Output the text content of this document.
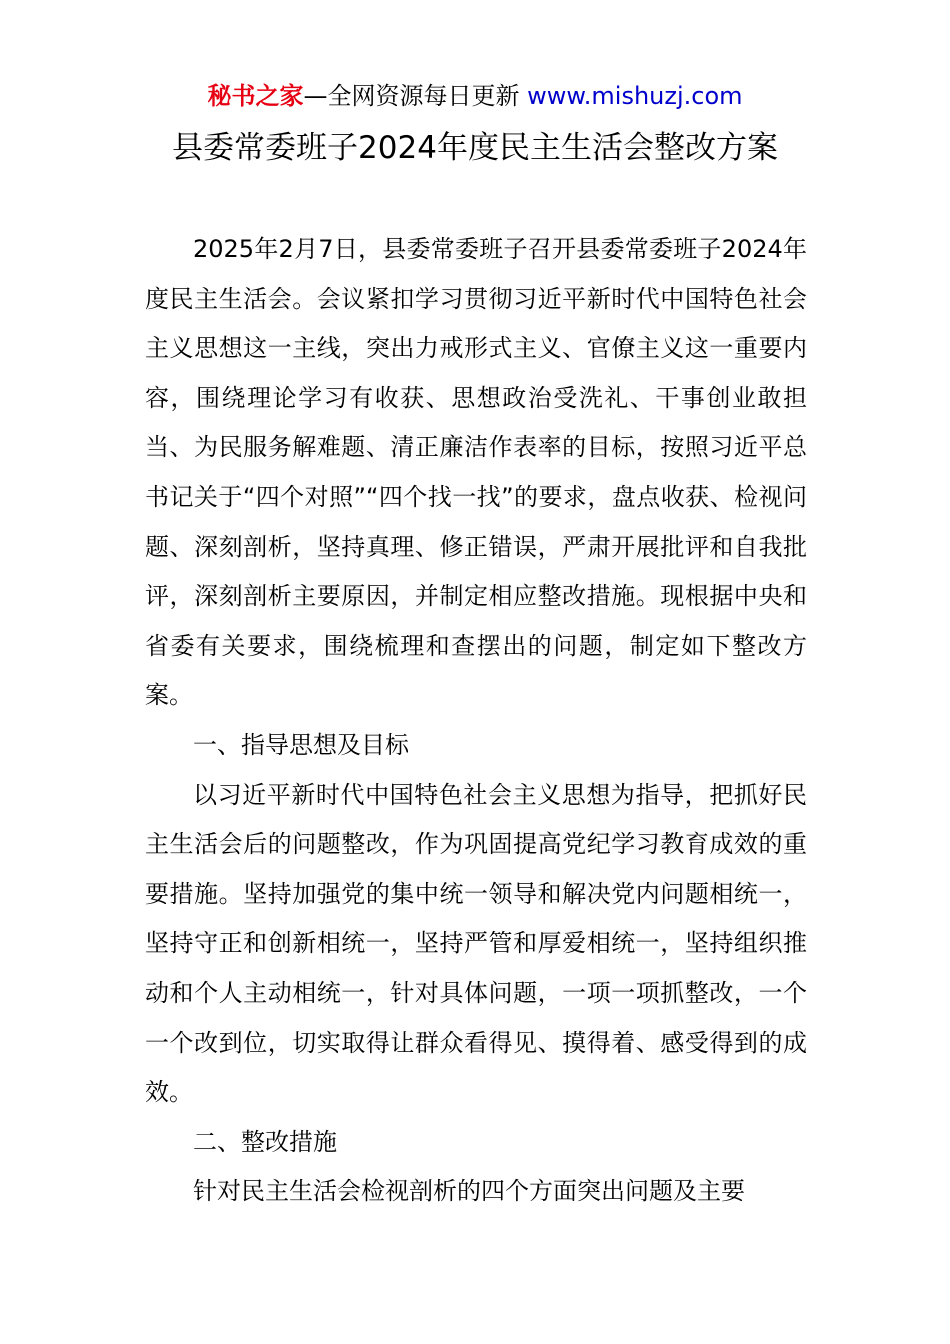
秘书之家—全网资源每日更新 www.mishuzj.com
县委常委班子2024年度民主生活会整改方案

2025年2月7日，县委常委班子召开县委常委班子2024年度民主生活会。会议紧扣学习贯彻习近平新时代中国特色社会主义思想这一主线，突出力戒形式主义、官僚主义这一重要内容，围绕理论学习有收获、思想政治受洗礼、干事创业敢担当、为民服务解难题、清正廉洁作表率的目标，按照习近平总书记关于“四个对照”“四个找一找”的要求，盘点收获、检视问题、深刻剖析，坚持真理、修正错误，严肃开展批评和自我批评，深刻剖析主要原因，并制定相应整改措施。现根据中央和省委有关要求，围绕梳理和查摆出的问题，制定如下整改方案。

一、指导思想及目标

以习近平新时代中国特色社会主义思想为指导，把抓好民主生活会后的问题整改，作为巩固提高党纪学习教育成效的重要措施。坚持加强党的集中统一领导和解决党内问题相统一，坚持守正和创新相统一，坚持严管和厚爱相统一，坚持组织推动和个人主动相统一，针对具体问题，一项一项抓整改，一个一个改到位，切实取得让群众看得见、摸得着、感受得到的成效。

二、整改措施

针对民主生活会检视剖析的四个方面突出问题及主要
